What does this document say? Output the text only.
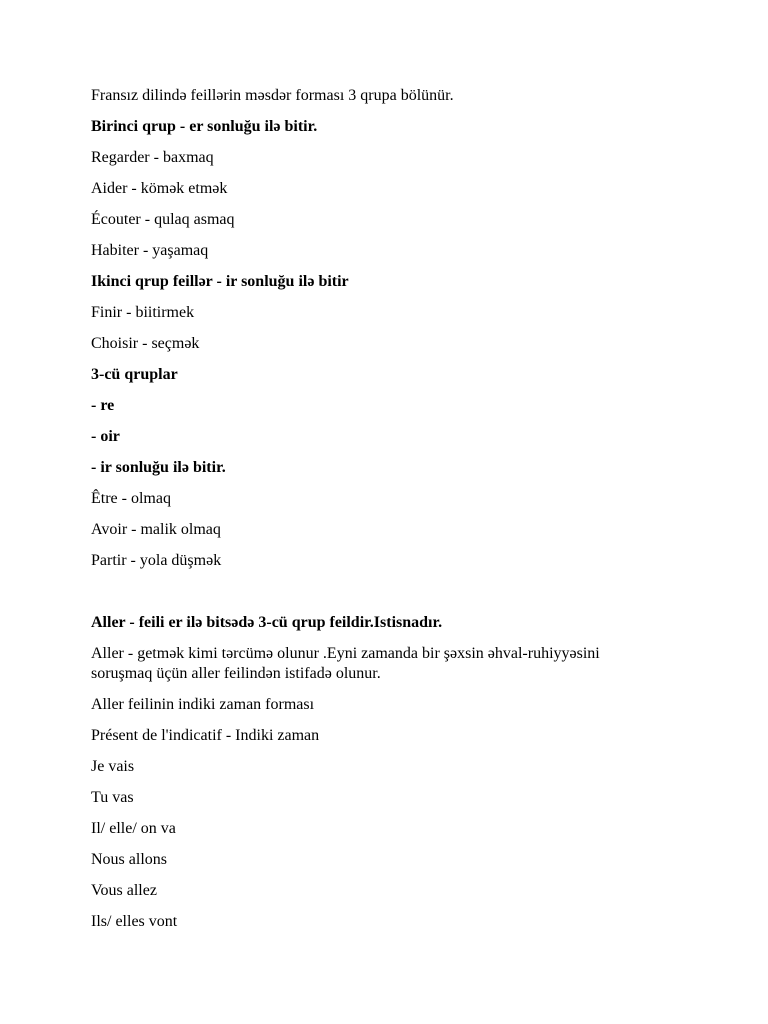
Fransız dilində feillərin məsdər forması 3 qrupa bölünür.
Birinci qrup - er sonluğu ilə bitir.
Regarder - baxmaq
Aider - kömək etmək
Écouter - qulaq asmaq
Habiter - yaşamaq
Ikinci qrup feillər - ir sonluğu ilə bitir
Finir - biitirmek
Choisir - seçmək
3-cü qruplar
- re
- oir
- ir sonluğu ilə bitir.
Être - olmaq
Avoir - malik olmaq
Partir - yola düşmək
Aller - feili er ilə bitsədə 3-cü qrup feildir.Istisnadır.
Aller - getmək kimi tərcümə olunur .Eyni zamanda bir şəxsin əhval-ruhiyyəsini
soruşmaq üçün aller feilindən istifadə olunur.
Aller feilinin indiki zaman forması
Présent de l'indicatif - Indiki zaman
Je vais
Tu vas
Il/ elle/ on va
Nous allons
Vous allez
Ils/ elles vont
